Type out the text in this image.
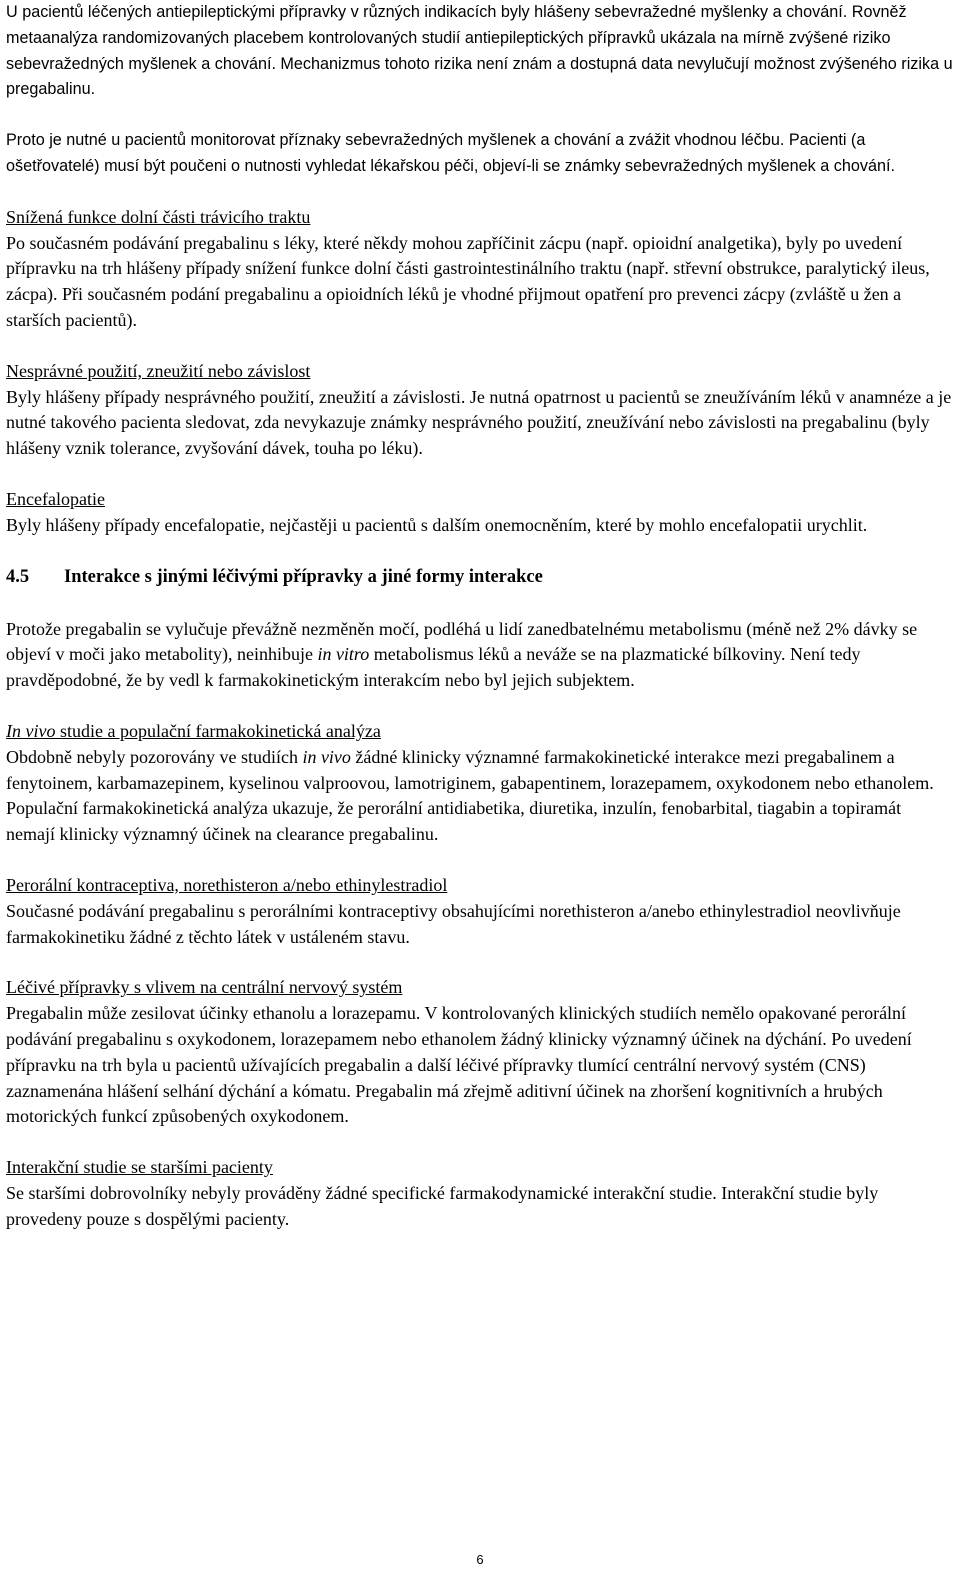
U pacientů léčených antiepileptickými přípravky v různých indikacích byly hlášeny sebevražedné myšlenky a chování. Rovněž metaanalýza randomizovaných placebem kontrolovaných studií antiepileptických přípravků ukázala na mírně zvýšené riziko sebevražedných myšlenek a chování. Mechanizmus tohoto rizika není znám a dostupná data nevylučují možnost zvýšeného rizika u pregabalinu.

Proto je nutné u pacientů monitorovat příznaky sebevražedných myšlenek a chování a zvážit vhodnou léčbu. Pacienti (a ošetřovatelé) musí být poučeni o nutnosti vyhledat lékařskou péči, objeví-li se známky sebevražedných myšlenek a chování.

Snížená funkce dolní části trávicího traktu

Po současném podávání pregabalinu s léky, které někdy mohou zapříčinit zácpu (např. opioidní analgetika), byly po uvedení přípravku na trh hlášeny případy snížení funkce dolní části gastrointestinálního traktu (např. střevní obstrukce, paralytický ileus, zácpa). Při současném podání pregabalinu a opioidních léků je vhodné přijmout opatření pro prevenci zácpy (zvláště u žen a starších pacientů).

Nesprávné použití, zneužití nebo závislost

Byly hlášeny případy nesprávného použití, zneužití a závislosti. Je nutná opatrnost u pacientů se zneužíváním léků v anamnéze a je nutné takového pacienta sledovat, zda nevykazuje známky nesprávného použití, zneužívání nebo závislosti na pregabalinu (byly hlášeny vznik tolerance, zvyšování dávek, touha po léku).

Encefalopatie

Byly hlášeny případy encefalopatie, nejčastěji u pacientů s dalším onemocněním, které by mohlo encefalopatii urychlit.

4.5 Interakce s jinými léčivými přípravky a jiné formy interakce

Protože pregabalin se vylučuje převážně nezměněn močí, podléhá u lidí zanedbatelnému metabolismu (méně než 2% dávky se objeví v moči jako metabolity), neinhibuje in vitro metabolismus léků a neváže se na plazmatické bílkoviny. Není tedy pravděpodobné, že by vedl k farmakokinetickým interakcím nebo byl jejich subjektem.

In vivo studie a populační farmakokinetická analýza

Obdobně nebyly pozorovány ve studiích in vivo žádné klinicky významné farmakokinetické interakce mezi pregabalinem a fenytoinem, karbamazepinem, kyselinou valproovou, lamotriginem, gabapentinem, lorazepamem, oxykodonem nebo ethanolem. Populační farmakokinetická analýza ukazuje, že perorální antidiabetika, diuretika, inzulín, fenobarbital, tiagabin a topiramát nemají klinicky významný účinek na clearance pregabalinu.

Perorální kontraceptiva, norethisteron a/nebo ethinylestradiol

Současné podávání pregabalinu s perorálními kontraceptivy obsahujícími norethisteron a/anebo ethinylestradiol neovlivňuje farmakokinetiku žádné z těchto látek v ustáleném stavu.

Léčivé přípravky s vlivem na centrální nervový systém

Pregabalin může zesilovat účinky ethanolu a lorazepamu. V kontrolovaných klinických studiích nemělo opakované perorální podávání pregabalinu s oxykodonem, lorazepamem nebo ethanolem žádný klinicky významný účinek na dýchání. Po uvedení přípravku na trh byla u pacientů užívajících pregabalin a další léčivé přípravky tlumící centrální nervový systém (CNS) zaznamenána hlášení selhání dýchání a kómatu. Pregabalin má zřejmě aditivní účinek na zhoršení kognitivních a hrubých motorických funkcí způsobených oxykodonem.

Interakční studie se staršími pacienty

Se staršími dobrovolníky nebyly prováděny žádné specifické farmakodynamické interakční studie. Interakční studie byly provedeny pouze s dospělými pacienty.

6
